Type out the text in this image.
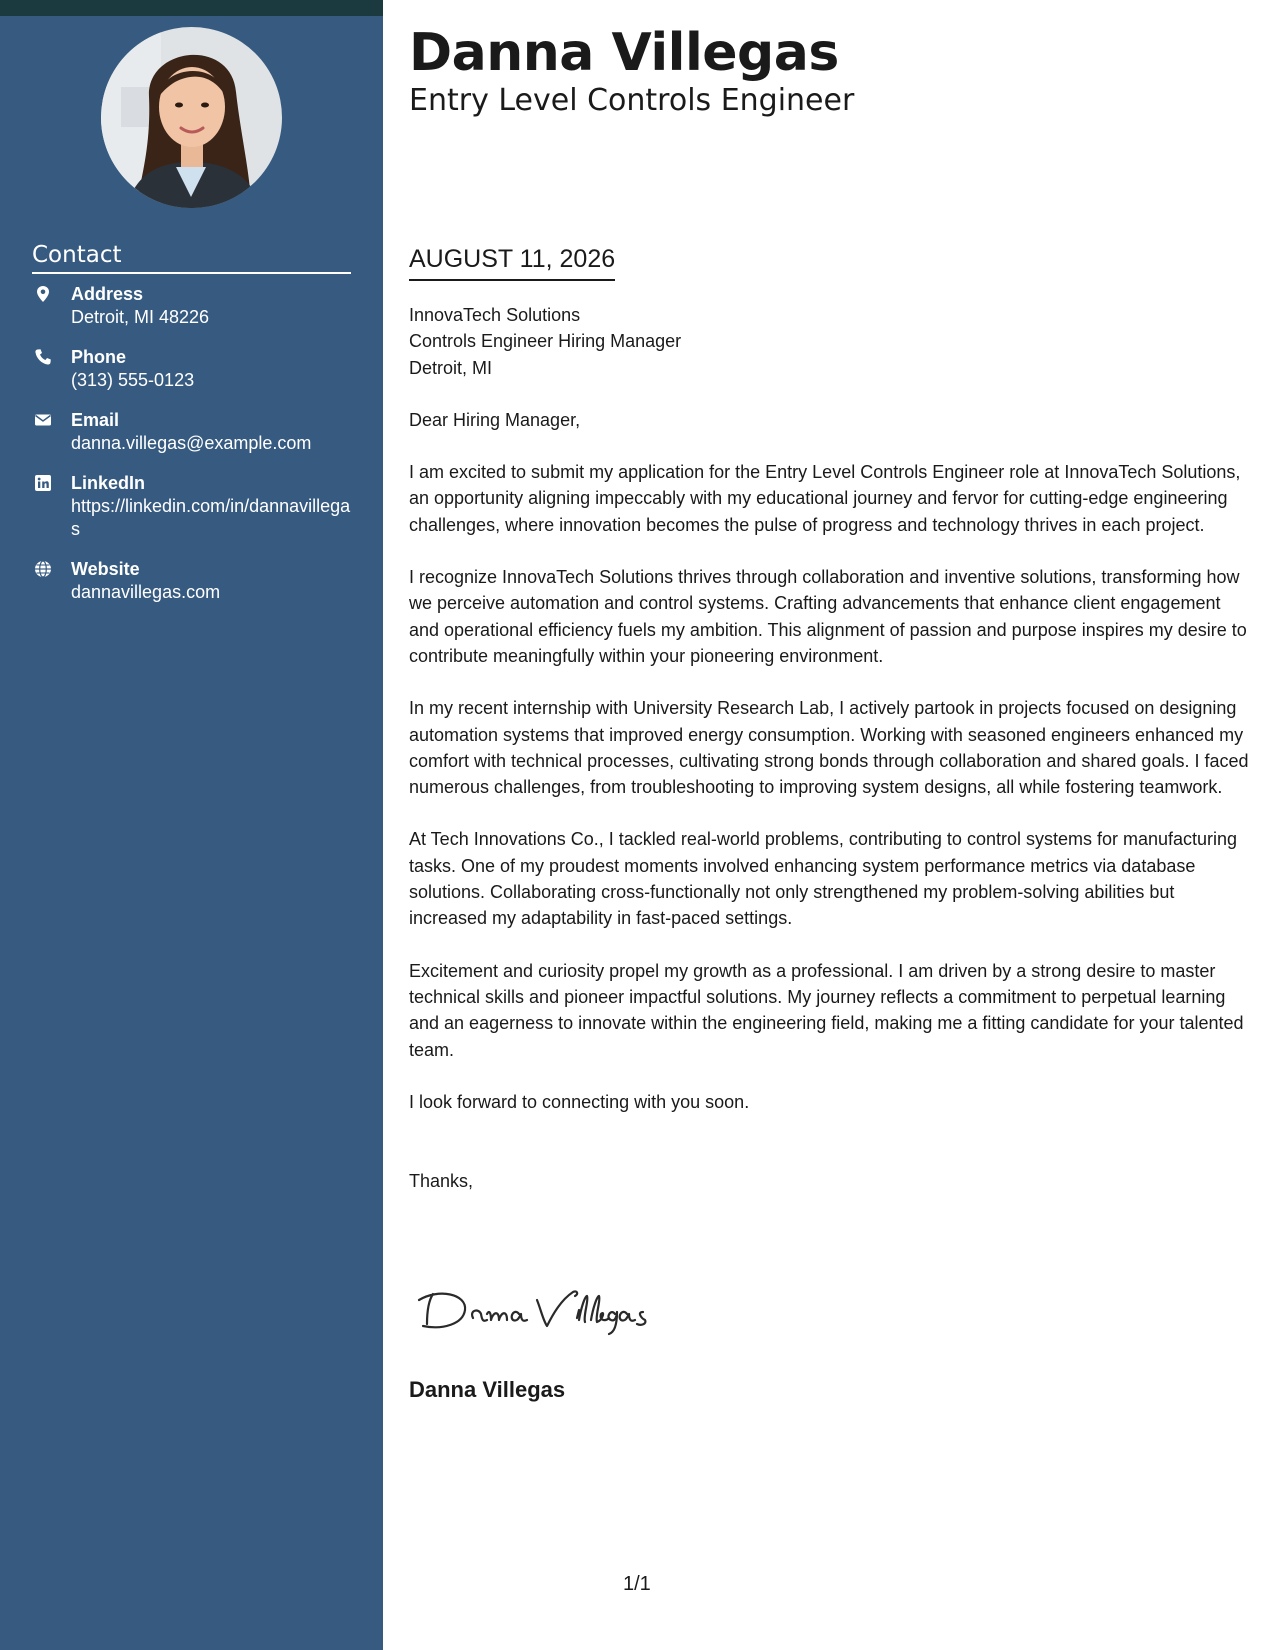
Contact
Address
Detroit, MI 48226
Phone
(313) 555-0123
Email
danna.villegas@example.com
LinkedIn
https://linkedin.com/in/dannavillegas
Website
dannavillegas.com
Danna Villegas
Entry Level Controls Engineer
AUGUST 11, 2026

InnovaTech Solutions
Controls Engineer Hiring Manager
Detroit, MI

Dear Hiring Manager,

I am excited to submit my application for the Entry Level Controls Engineer role at InnovaTech Solutions, an opportunity aligning impeccably with my educational journey and fervor for cutting-edge engineering challenges, where innovation becomes the pulse of progress and technology thrives in each project.

I recognize InnovaTech Solutions thrives through collaboration and inventive solutions, transforming how we perceive automation and control systems. Crafting advancements that enhance client engagement and operational efficiency fuels my ambition. This alignment of passion and purpose inspires my desire to contribute meaningfully within your pioneering environment.

In my recent internship with University Research Lab, I actively partook in projects focused on designing automation systems that improved energy consumption. Working with seasoned engineers enhanced my comfort with technical processes, cultivating strong bonds through collaboration and shared goals. I faced numerous challenges, from troubleshooting to improving system designs, all while fostering teamwork.

At Tech Innovations Co., I tackled real-world problems, contributing to control systems for manufacturing tasks. One of my proudest moments involved enhancing system performance metrics via database solutions. Collaborating cross-functionally not only strengthened my problem-solving abilities but increased my adaptability in fast-paced settings.

Excitement and curiosity propel my growth as a professional. I am driven by a strong desire to master technical skills and pioneer impactful solutions. My journey reflects a commitment to perpetual learning and an eagerness to innovate within the engineering field, making me a fitting candidate for your talented team.

I look forward to connecting with you soon.

Thanks,

Danna Villegas
1/1
